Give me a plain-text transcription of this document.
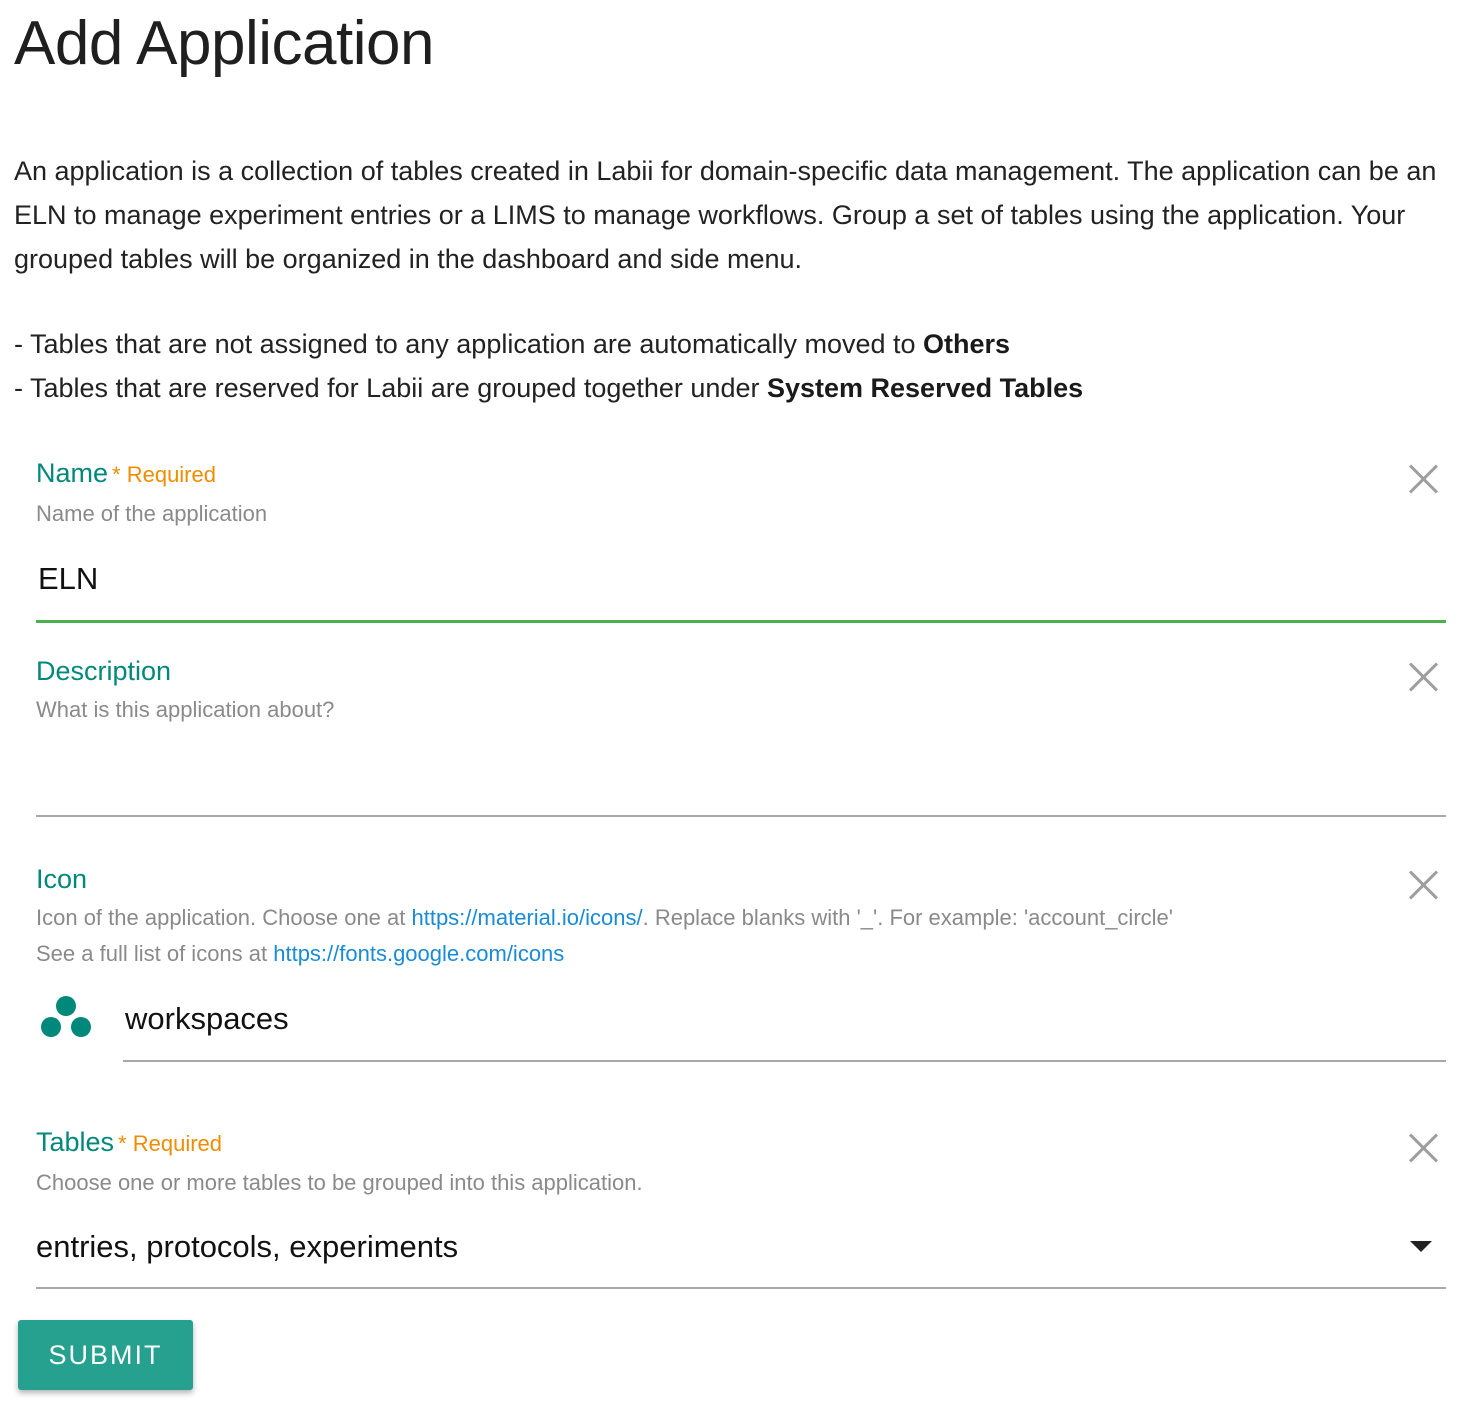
Add Application

An application is a collection of tables created in Labii for domain-specific data management. The application can be an ELN to manage experiment entries or a LIMS to manage workflows. Group a set of tables using the application. Your grouped tables will be organized in the dashboard and side menu.

- Tables that are not assigned to any application are automatically moved to Others
- Tables that are reserved for Labii are grouped together under System Reserved Tables
Name * Required
Name of the application
ELN
Description
What is this application about?
Icon
Icon of the application. Choose one at https://material.io/icons/. Replace blanks with '_'. For example: 'account_circle'
See a full list of icons at https://fonts.google.com/icons
workspaces
Tables * Required
Choose one or more tables to be grouped into this application.
entries, protocols, experiments
SUBMIT
